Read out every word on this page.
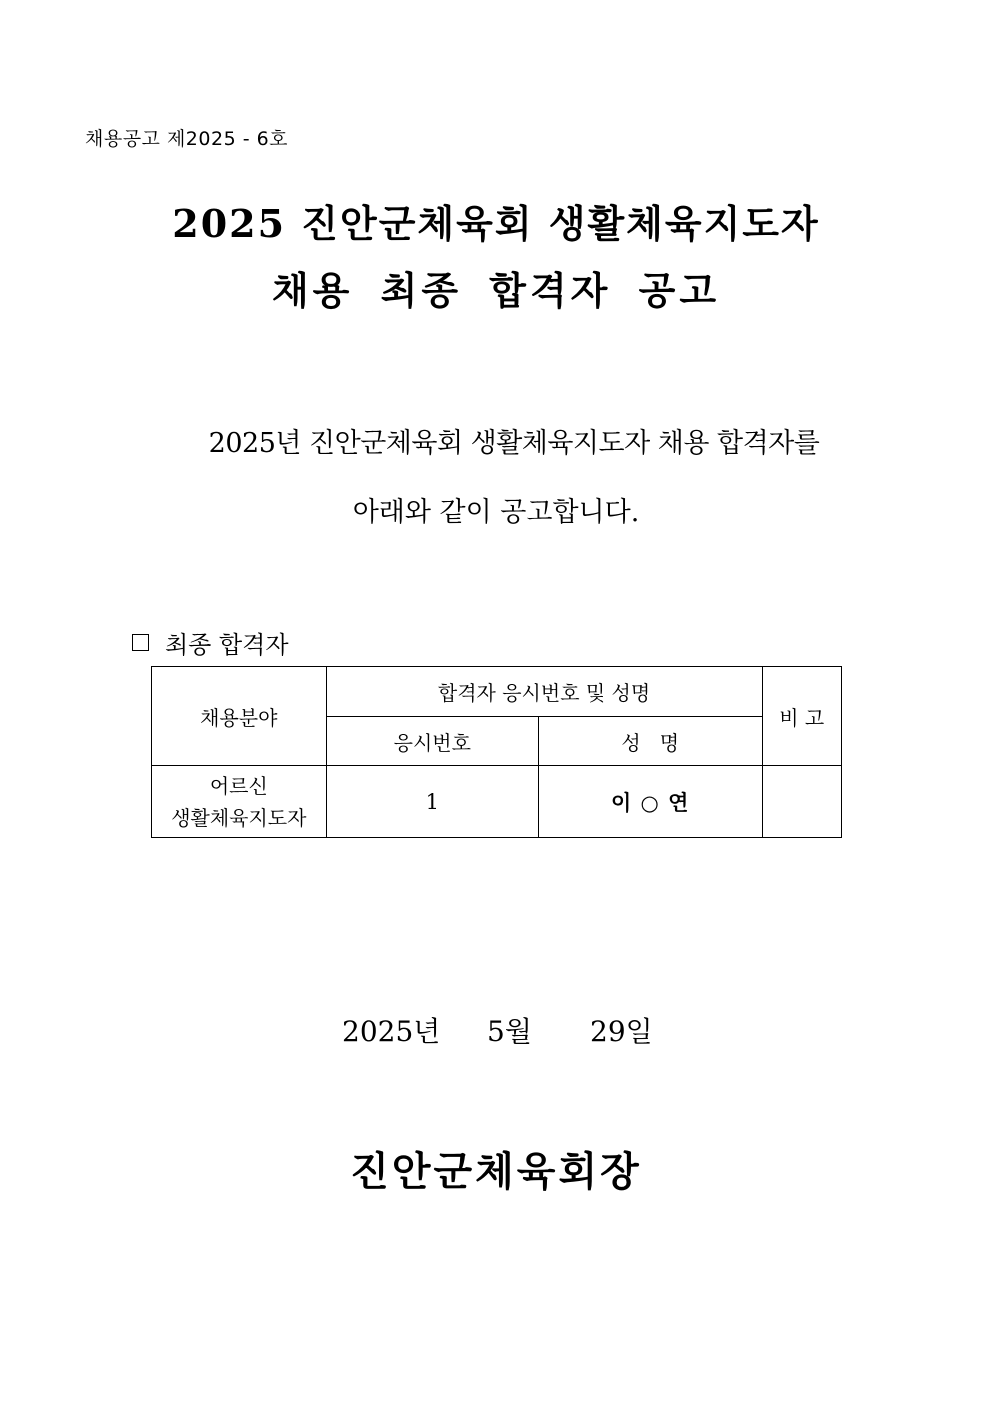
채용공고 제2025 - 6호
2025 진안군체육회 생활체육지도자
채용 최종 합격자 공고
2025년 진안군체육회 생활체육지도자 채용 합격자를
아래와 같이 공고합니다.
최종 합격자
채용분야	합격자 응시번호 및 성명		비 고
	응시번호	성   명	

어르신
생활체육지도자	1	이 ○ 연	
2025년 5월 29일
진안군체육회장
